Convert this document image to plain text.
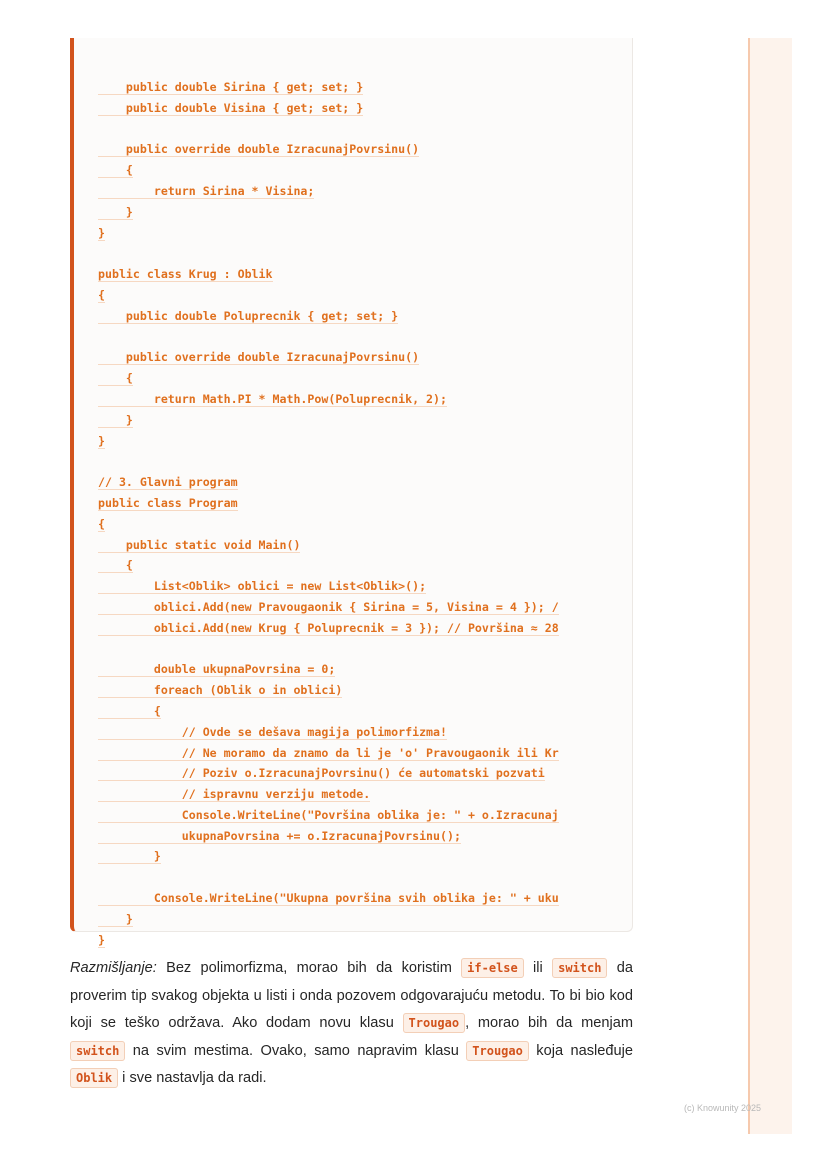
public double Sirina { get; set; }
public double Visina { get; set; }

public override double IzracunajPovrsinu()
{
return Sirina * Visina;
}
}

public class Krug : Oblik
{
public double Poluprecnik { get; set; }

public override double IzracunajPovrsinu()
{
return Math.PI * Math.Pow(Poluprecnik, 2);
}
}

// 3. Glavni program
public class Program
{
public static void Main()
{
List<Oblik> oblici = new List<Oblik>();
oblici.Add(new Pravougaonik { Sirina = 5, Visina = 4 }); /
oblici.Add(new Krug { Poluprecnik = 3 }); // Površina ≈ 28

double ukupnaPovrsina = 0;
foreach (Oblik o in oblici)
{
// Ovde se dešava magija polimorfizma!
// Ne moramo da znamo da li je 'o' Pravougaonik ili Kr
// Poziv o.IzracunajPovrsinu() će automatski pozvati
// ispravnu verziju metode.
Console.WriteLine("Površina oblika je: " + o.Izracunaj
ukupnaPovrsina += o.IzracunajPovrsinu();
}

Console.WriteLine("Ukupna površina svih oblika je: " + uku
}
}
Razmišljanje: Bez polimorfizma, morao bih da koristim if-else ili switch da proverim tip svakog objekta u listi i onda pozovem odgovarajuću metodu. To bi bio kod koji se teško održava. Ako dodam novu klasu Trougao , morao bih da menjam switch na svim mestima. Ovako, samo napravim klasu Trougao koja nasleđuje Oblik i sve nastavlja da radi.
(c) Knowunity 2025
